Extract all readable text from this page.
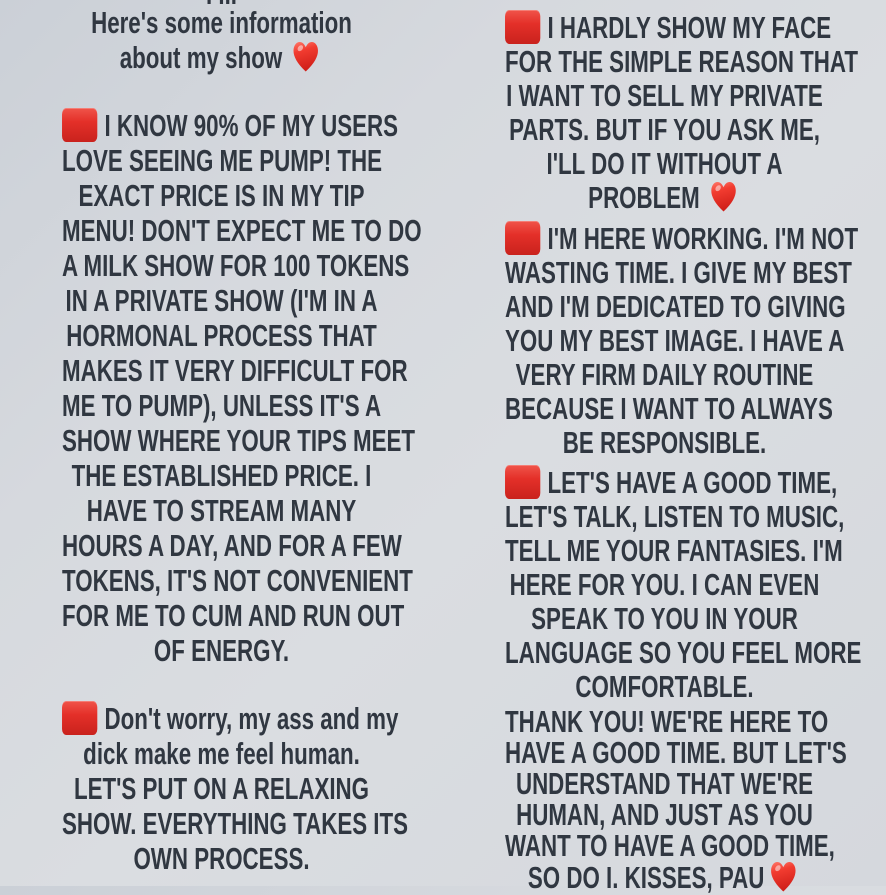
Here's some information
about my show
I KNOW 90% OF MY USERS
LOVE SEEING ME PUMP! THE
EXACT PRICE IS IN MY TIP
MENU! DON'T EXPECT ME TO DO
A MILK SHOW FOR 100 TOKENS
IN A PRIVATE SHOW (I'M IN A
HORMONAL PROCESS THAT
MAKES IT VERY DIFFICULT FOR
ME TO PUMP), UNLESS IT'S A
SHOW WHERE YOUR TIPS MEET
THE ESTABLISHED PRICE. I
HAVE TO STREAM MANY
HOURS A DAY, AND FOR A FEW
TOKENS, IT'S NOT CONVENIENT
FOR ME TO CUM AND RUN OUT
OF ENERGY.
Don't worry, my ass and my
dick make me feel human.
LET'S PUT ON A RELAXING
SHOW. EVERYTHING TAKES ITS
OWN PROCESS.
I HARDLY SHOW MY FACE
FOR THE SIMPLE REASON THAT
I WANT TO SELL MY PRIVATE
PARTS. BUT IF YOU ASK ME,
I'LL DO IT WITHOUT A
PROBLEM
I'M HERE WORKING. I'M NOT
WASTING TIME. I GIVE MY BEST
AND I'M DEDICATED TO GIVING
YOU MY BEST IMAGE. I HAVE A
VERY FIRM DAILY ROUTINE
BECAUSE I WANT TO ALWAYS
BE RESPONSIBLE.
LET'S HAVE A GOOD TIME,
LET'S TALK, LISTEN TO MUSIC,
TELL ME YOUR FANTASIES. I'M
HERE FOR YOU. I CAN EVEN
SPEAK TO YOU IN YOUR
LANGUAGE SO YOU FEEL MORE
COMFORTABLE.
THANK YOU! WE'RE HERE TO
HAVE A GOOD TIME. BUT LET'S
UNDERSTAND THAT WE'RE
HUMAN, AND JUST AS YOU
WANT TO HAVE A GOOD TIME,
SO DO I. KISSES, PAU
